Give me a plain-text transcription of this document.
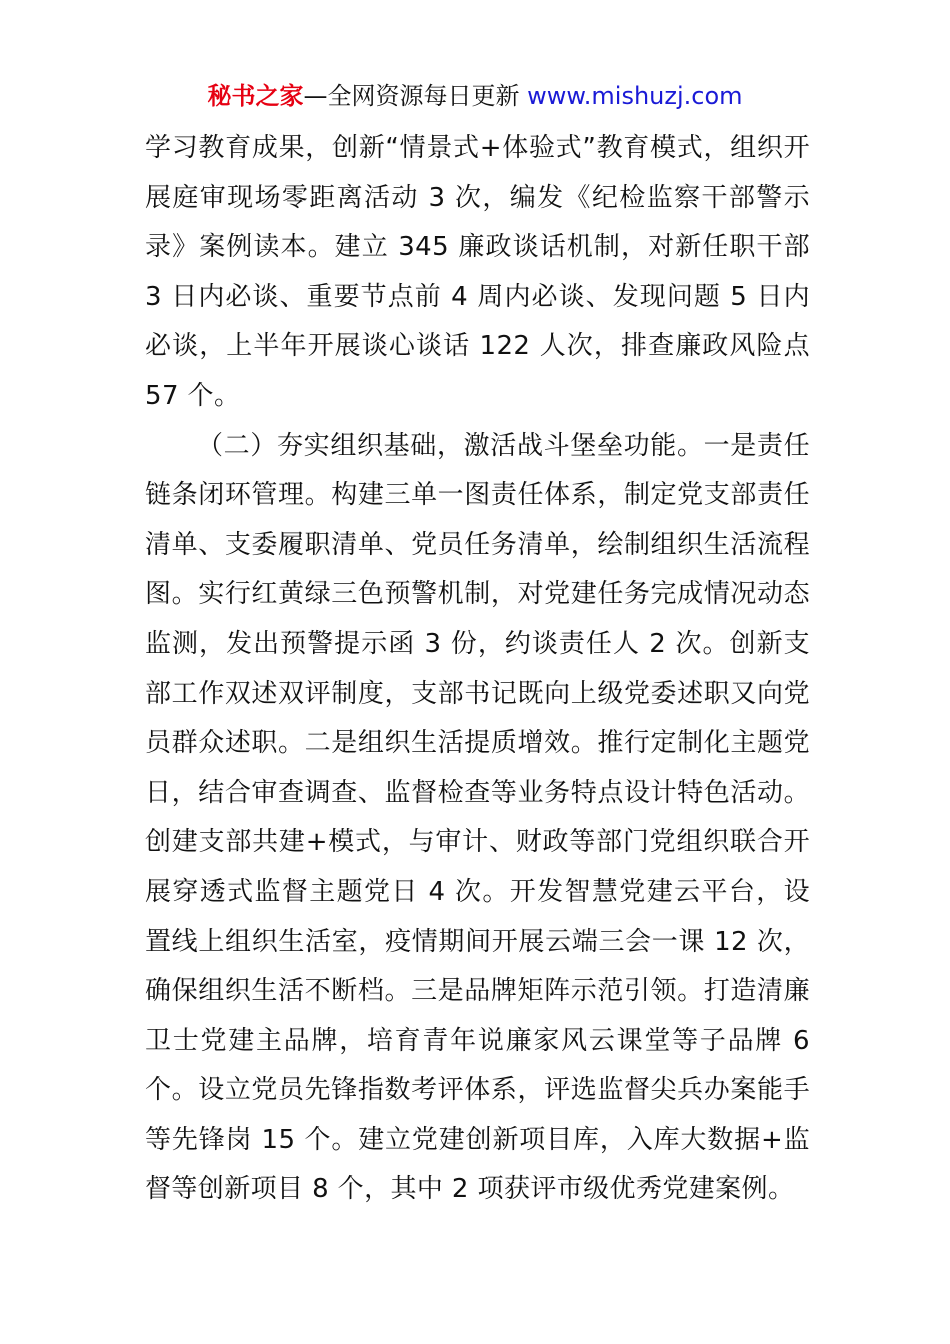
秘书之家—全网资源每日更新 www.mishuzj.com

学习教育成果，创新“情景式+体验式”教育模式，组织开展庭审现场零距离活动 3 次，编发《纪检监察干部警示录》案例读本。建立 345 廉政谈话机制，对新任职干部 3 日内必谈、重要节点前 4 周内必谈、发现问题 5 日内必谈，上半年开展谈心谈话 122 人次，排查廉政风险点 57 个。

（二）夯实组织基础，激活战斗堡垒功能。一是责任链条闭环管理。构建三单一图责任体系，制定党支部责任清单、支委履职清单、党员任务清单，绘制组织生活流程图。实行红黄绿三色预警机制，对党建任务完成情况动态监测，发出预警提示函 3 份，约谈责任人 2 次。创新支部工作双述双评制度，支部书记既向上级党委述职又向党员群众述职。二是组织生活提质增效。推行定制化主题党日，结合审查调查、监督检查等业务特点设计特色活动。创建支部共建+模式，与审计、财政等部门党组织联合开展穿透式监督主题党日 4 次。开发智慧党建云平台，设置线上组织生活室，疫情期间开展云端三会一课 12 次，确保组织生活不断档。三是品牌矩阵示范引领。打造清廉卫士党建主品牌，培育青年说廉家风云课堂等子品牌 6 个。设立党员先锋指数考评体系，评选监督尖兵办案能手等先锋岗 15 个。建立党建创新项目库，入库大数据+监督等创新项目 8 个，其中 2 项获评市级优秀党建案例。
